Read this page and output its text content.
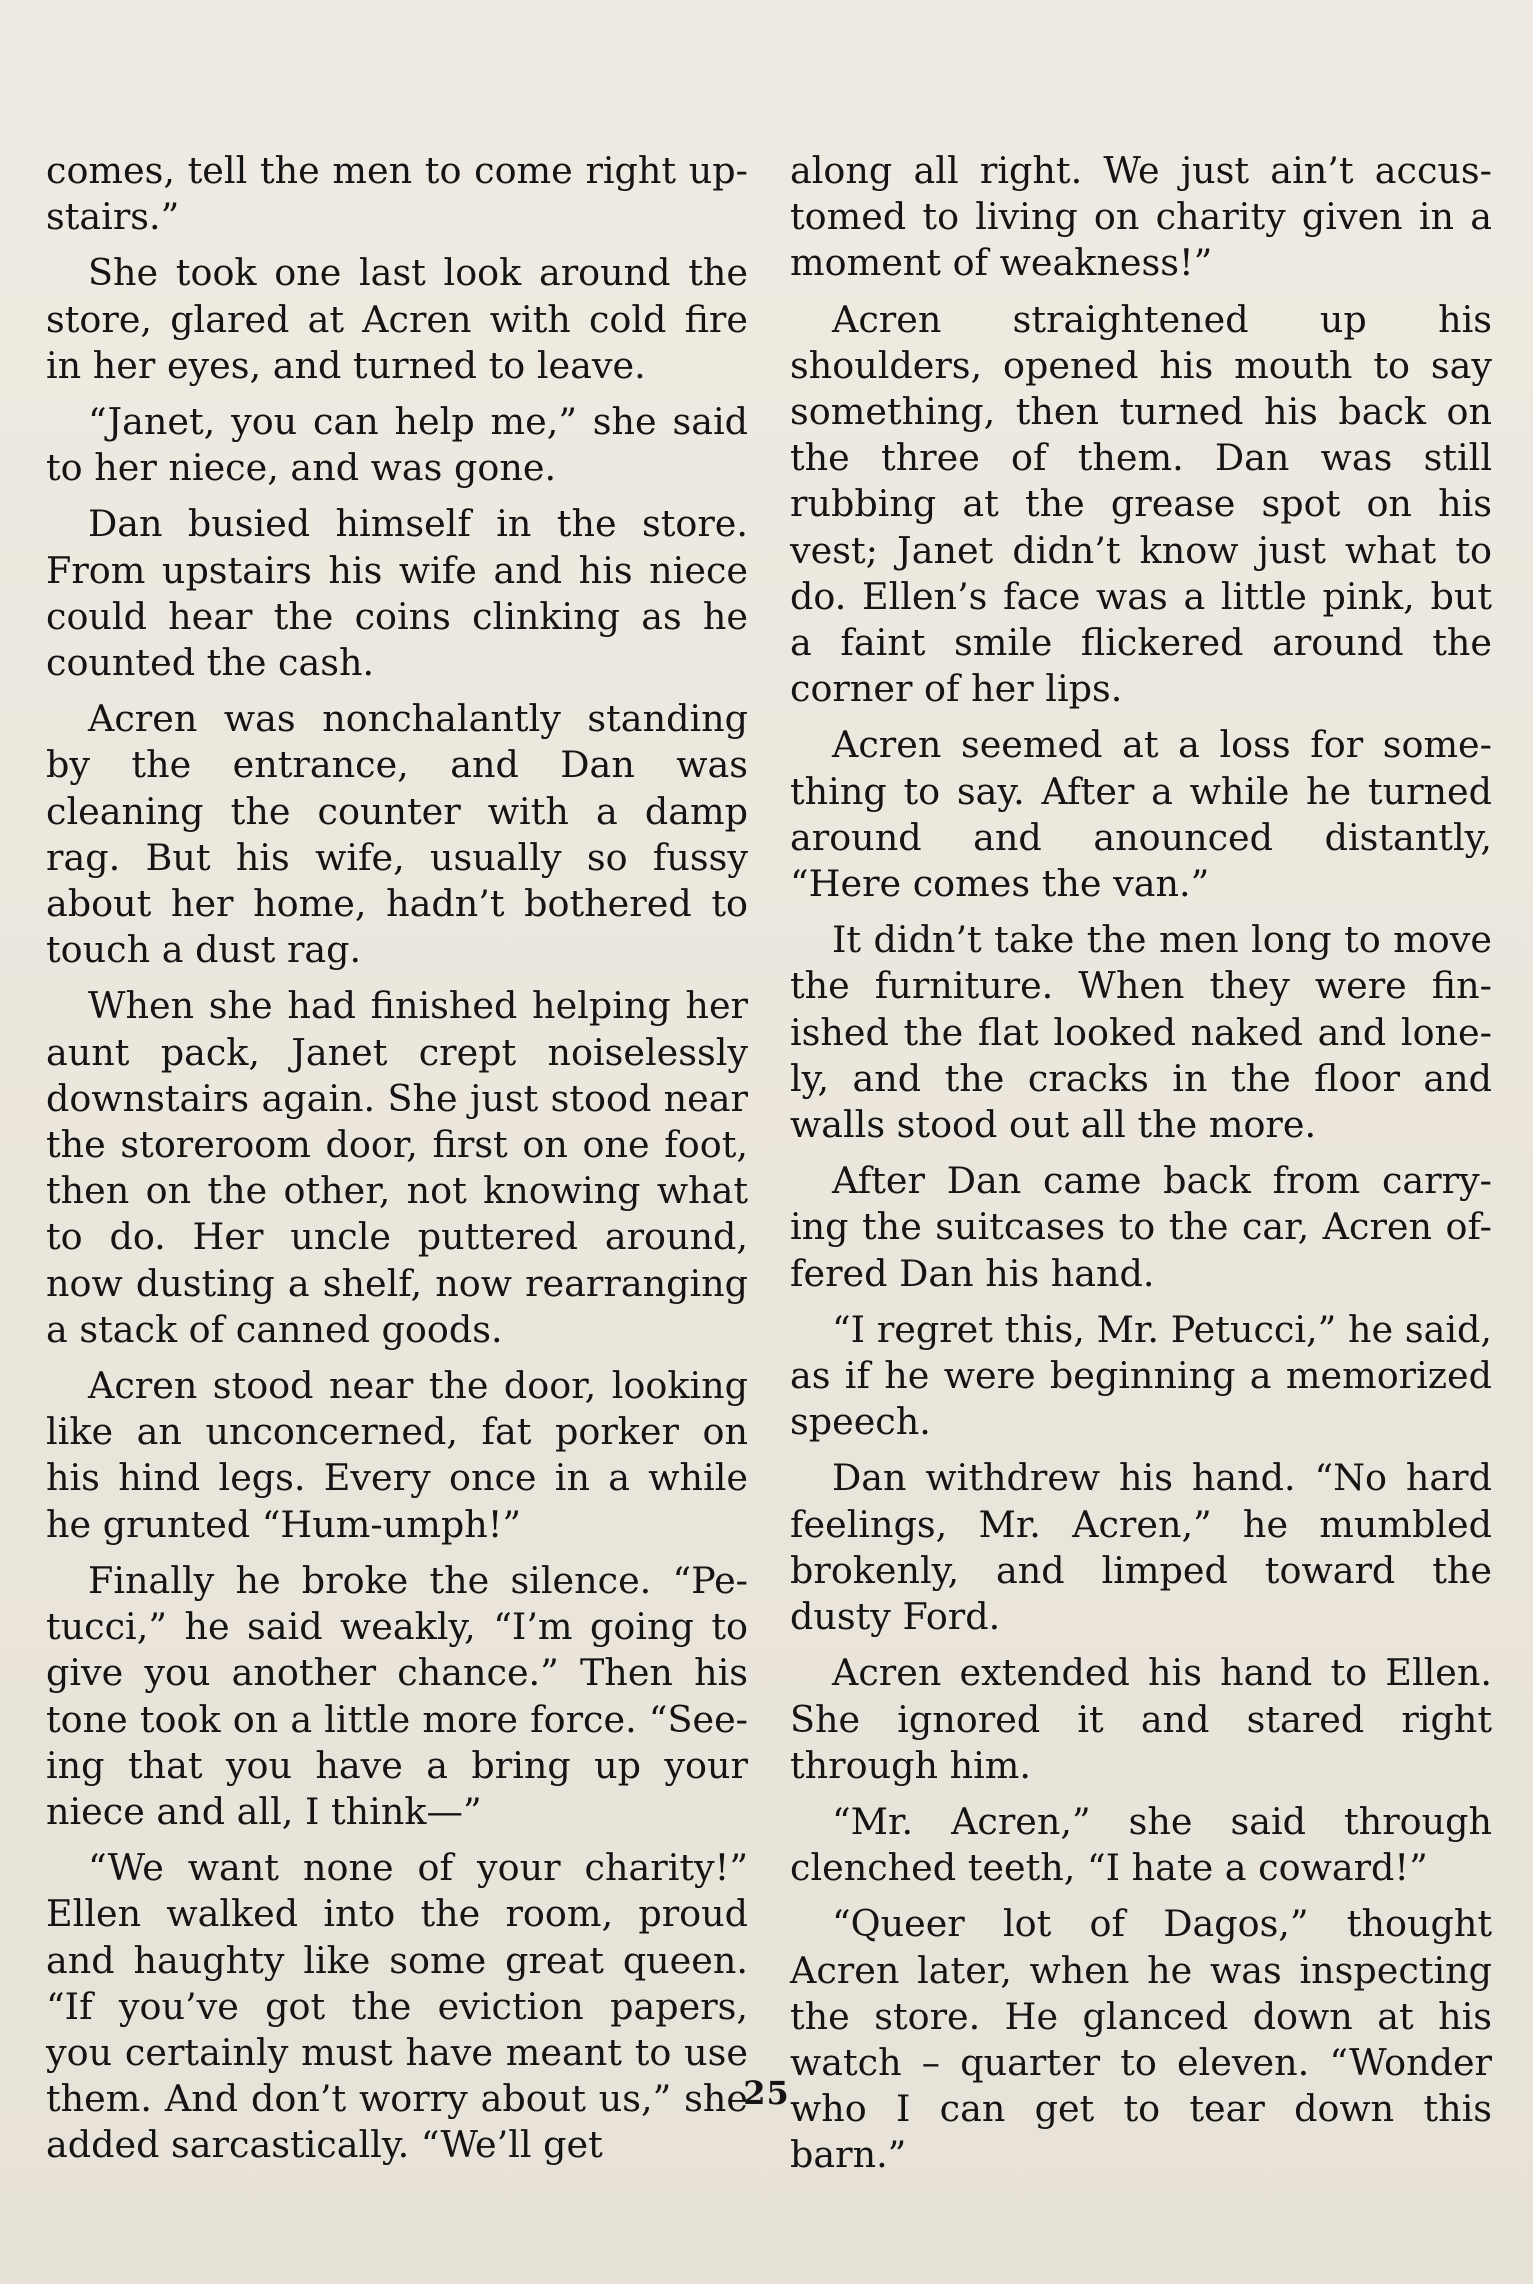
comes, tell the men to come right up-stairs.”

She took one last look around the store, glared at Acren with cold fire in her eyes, and turned to leave.

“Janet, you can help me,” she said to her niece, and was gone.

Dan busied himself in the store. From upstairs his wife and his niece could hear the coins clinking as he counted the cash.

Acren was nonchalantly standing by the entrance, and Dan was cleaning the counter with a damp rag. But his wife, usually so fussy about her home, hadn’t bothered to touch a dust rag.

When she had finished helping her aunt pack, Janet crept noiselessly downstairs again. She just stood near the storeroom door, first on one foot, then on the other, not knowing what to do. Her uncle puttered around, now dusting a shelf, now rearranging a stack of canned goods.

Acren stood near the door, looking like an unconcerned, fat porker on his hind legs. Every once in a while he grunted “Hum-umph!”

Finally he broke the silence. “Pe-tucci,” he said weakly, “I’m going to give you another chance.” Then his tone took on a little more force. “See-ing that you have a bring up your niece and all, I think—”

“We want none of your charity!” Ellen walked into the room, proud and haughty like some great queen. “If you’ve got the eviction papers, you certainly must have meant to use them. And don’t worry about us,” she added sarcastically. “We’ll get

along all right. We just ain’t accus-tomed to living on charity given in a moment of weakness!”

Acren straightened up his shoulders, opened his mouth to say something, then turned his back on the three of them. Dan was still rubbing at the grease spot on his vest; Janet didn’t know just what to do. Ellen’s face was a little pink, but a faint smile flickered around the corner of her lips.

Acren seemed at a loss for some-thing to say. After a while he turned around and anounced distantly, “Here comes the van.”

It didn’t take the men long to move the furniture. When they were fin-ished the flat looked naked and lone-ly, and the cracks in the floor and walls stood out all the more.

After Dan came back from carry-ing the suitcases to the car, Acren of-fered Dan his hand.

“I regret this, Mr. Petucci,” he said, as if he were beginning a memorized speech.

Dan withdrew his hand. “No hard feelings, Mr. Acren,” he mumbled brokenly, and limped toward the dusty Ford.

Acren extended his hand to Ellen. She ignored it and stared right through him.

“Mr. Acren,” she said through clenched teeth, “I hate a coward!”

“Queer lot of Dagos,” thought Acren later, when he was inspecting the store. He glanced down at his watch – quarter to eleven. “Wonder who I can get to tear down this barn.”

25
